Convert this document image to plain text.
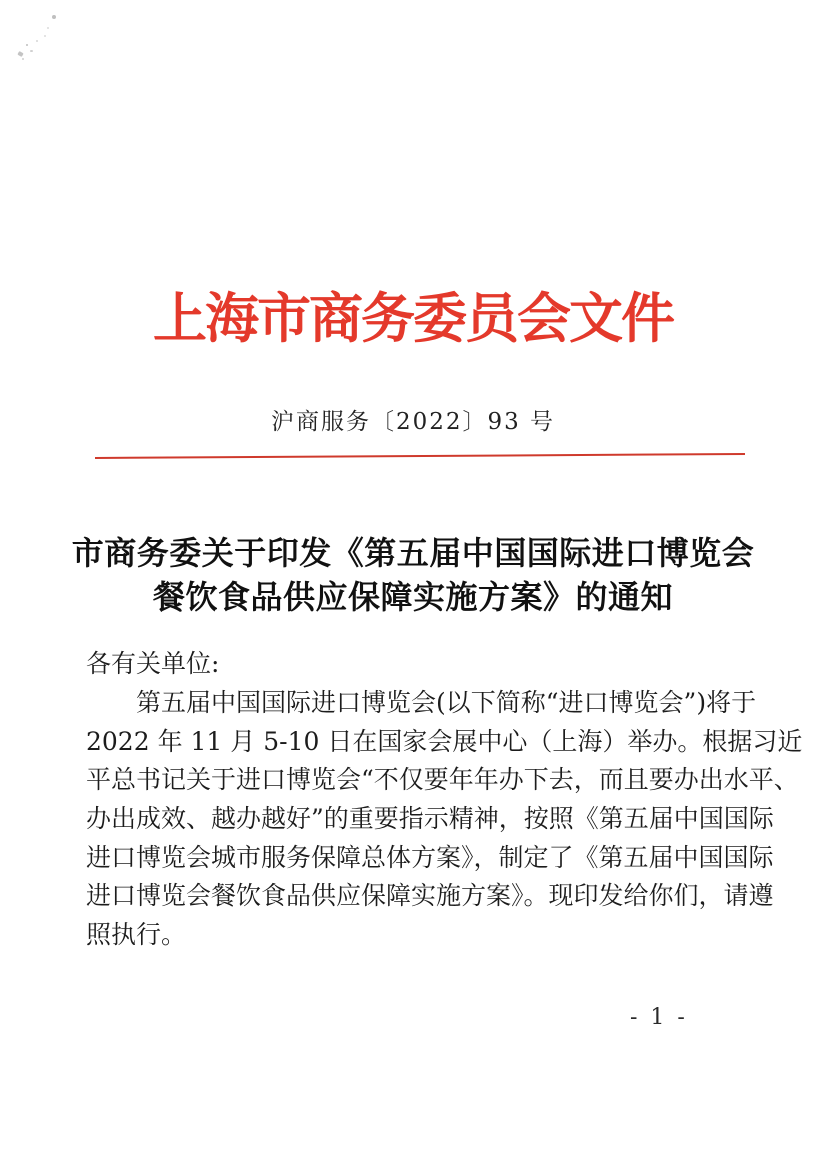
上海市商务委员会文件
沪商服务〔2022〕93 号
市商务委关于印发《第五届中国国际进口博览会
餐饮食品供应保障实施方案》的通知
各有关单位:
第五届中国国际进口博览会(以下简称“进口博览会”)将于
2022 年 11 月 5-10 日在国家会展中心（上海）举办。根据习近
平总书记关于进口博览会“不仅要年年办下去，而且要办出水平、
办出成效、越办越好”的重要指示精神，按照《第五届中国国际
进口博览会城市服务保障总体方案》，制定了《第五届中国国际
进口博览会餐饮食品供应保障实施方案》。现印发给你们，请遵
照执行。
- 1 -
